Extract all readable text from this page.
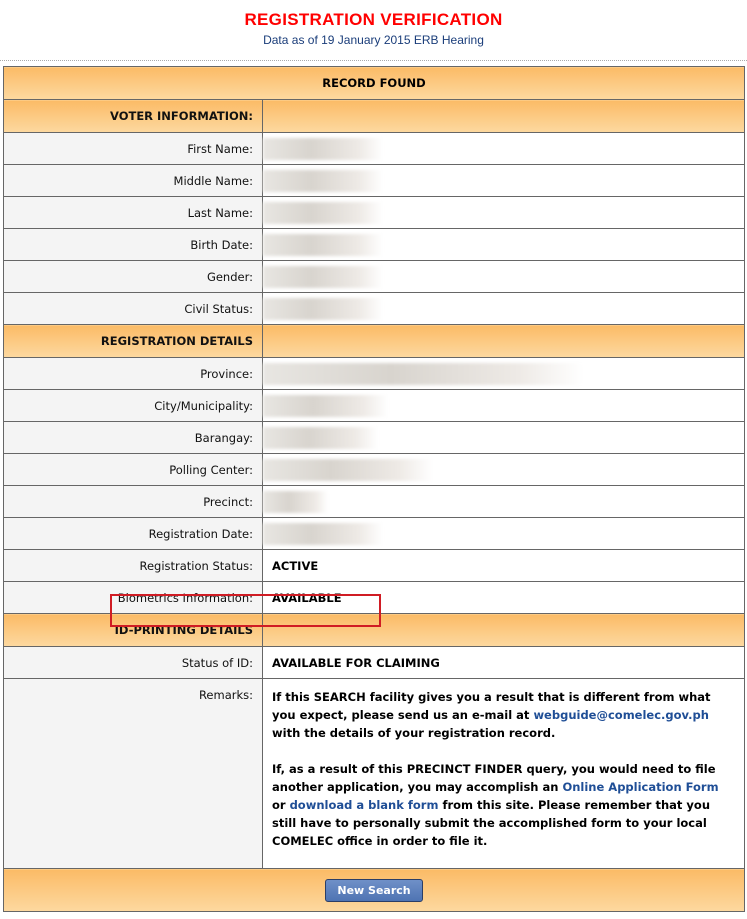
REGISTRATION VERIFICATION
Data as of 19 January 2015 ERB Hearing
RECORD FOUND	
VOTER INFORMATION:	
First Name:	
Middle Name:	
Last Name:	
Birth Date:	
Gender:	
Civil Status:	
REGISTRATION DETAILS	
Province:	
City/Municipality:	
Barangay:	
Polling Center:	
Precinct:	
Registration Date:	
Registration Status:	ACTIVE
Biometrics Information:	AVAILABLE
ID-PRINTING DETAILS	
Status of ID:	AVAILABLE FOR CLAIMING
Remarks:	If this SEARCH facility gives you a result that is different from what you expect, please send us an e-mail at webguide@comelec.gov.ph with the details of your registration record.

If, as a result of this PRECINCT FINDER query, you would need to file another application, you may accomplish an Online Application Form or download a blank form from this site. Please remember that you still have to personally submit the accomplished form to your local COMELEC office in order to file it.

New Search	
